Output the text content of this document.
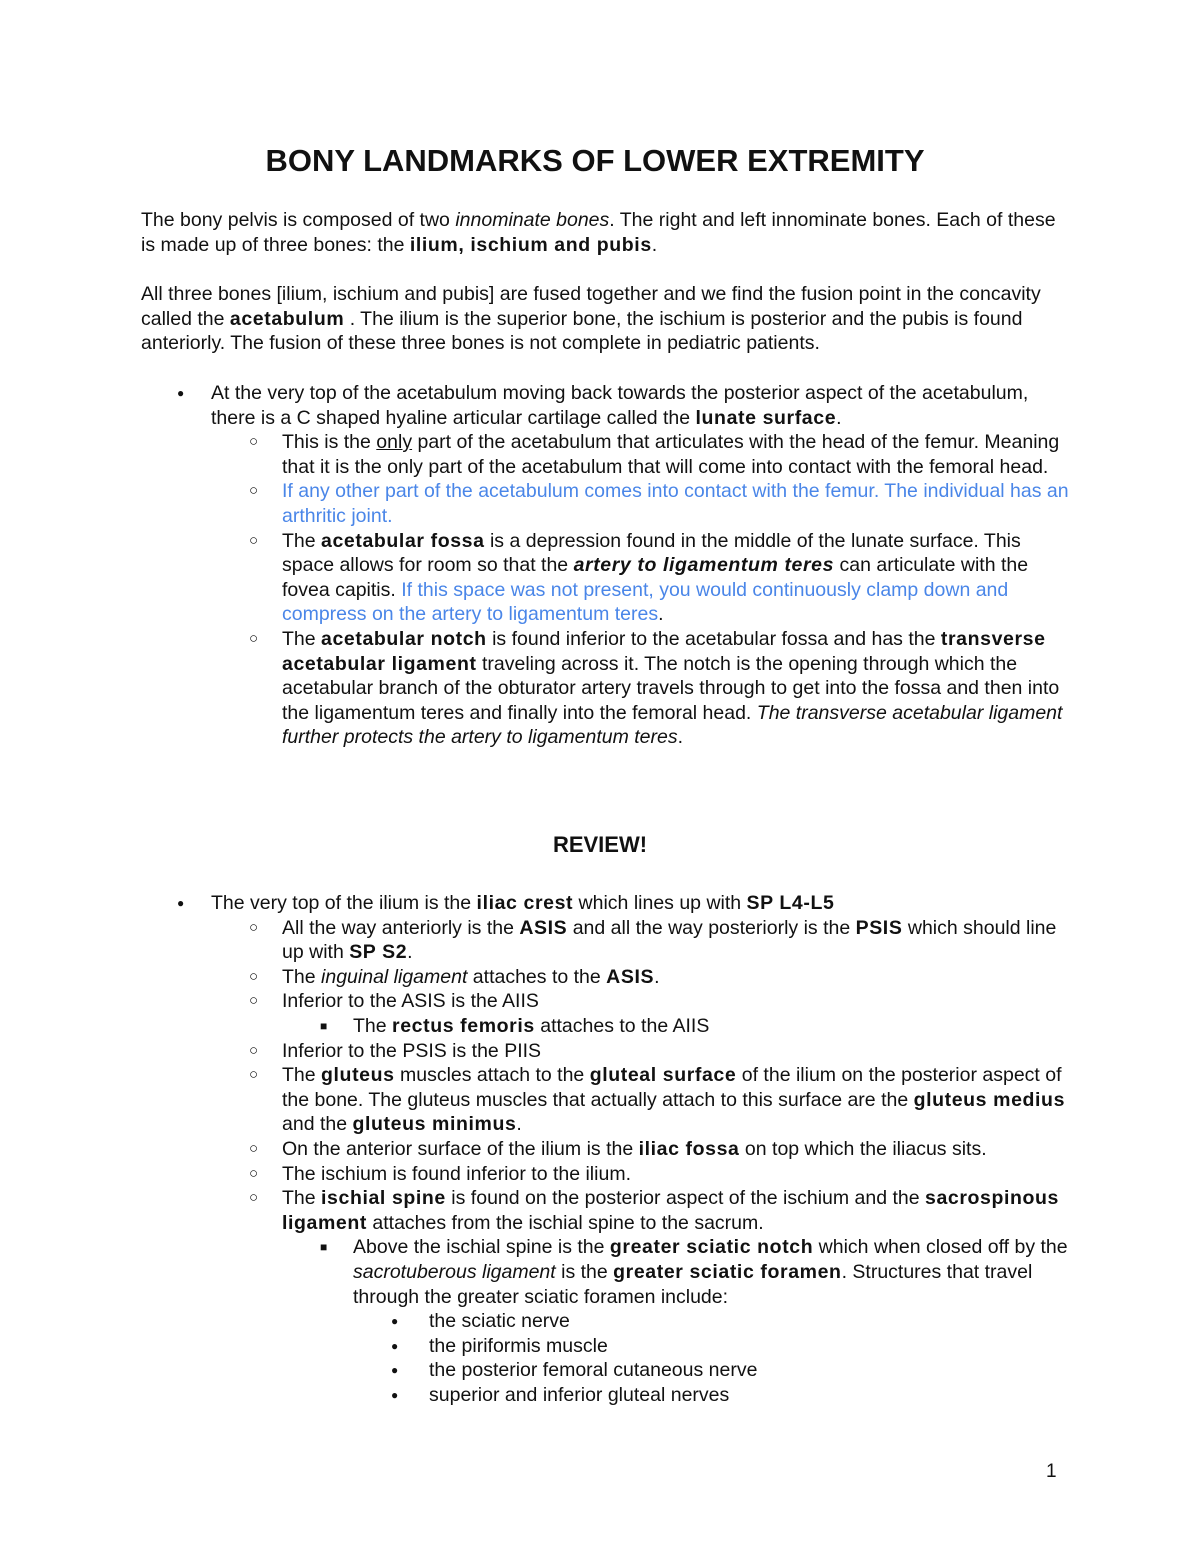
BONY LANDMARKS OF LOWER EXTREMITY

The bony pelvis is composed of two innominate bones. The right and left innominate bones. Each of these is made up of three bones: the ilium, ischium and pubis.

All three bones [ilium, ischium and pubis] are fused together and we find the fusion point in the concavity called the acetabulum . The ilium is the superior bone, the ischium is posterior and the pubis is found anteriorly. The fusion of these three bones is not complete in pediatric patients.

●
At the very top of the acetabulum moving back towards the posterior aspect of the acetabulum, there is a C shaped hyaline articular cartilage called the lunate surface.
○
This is the only part of the acetabulum that articulates with the head of the femur. Meaning that it is the only part of the acetabulum that will come into contact with the femoral head.
○
If any other part of the acetabulum comes into contact with the femur. The individual has an arthritic joint.
○
The acetabular fossa is a depression found in the middle of the lunate surface. This space allows for room so that the artery to ligamentum teres can articulate with the fovea capitis. If this space was not present, you would continuously clamp down and compress on the artery to ligamentum teres.
○
The acetabular notch is found inferior to the acetabular fossa and has the transverse acetabular ligament traveling across it. The notch is the opening through which the acetabular branch of the obturator artery travels through to get into the fossa and then into the ligamentum teres and finally into the femoral head. The transverse acetabular ligament further protects the artery to ligamentum teres.
REVIEW!
●
The very top of the ilium is the iliac crest which lines up with SP L4-L5
○
All the way anteriorly is the ASIS and all the way posteriorly is the PSIS which should line up with SP S2.
○
The inguinal ligament attaches to the ASIS.
○
Inferior to the ASIS is the AIIS
■
The rectus femoris attaches to the AIIS
○
Inferior to the PSIS is the PIIS
○
The gluteus muscles attach to the gluteal surface of the ilium on the posterior aspect of the bone. The gluteus muscles that actually attach to this surface are the gluteus medius and the gluteus minimus.
○
On the anterior surface of the ilium is the iliac fossa on top which the iliacus sits.
○
The ischium is found inferior to the ilium.
○
The ischial spine is found on the posterior aspect of the ischium and the sacrospinous ligament attaches from the ischial spine to the sacrum.
■
Above the ischial spine is the greater sciatic notch which when closed off by the sacrotuberous ligament is the greater sciatic foramen. Structures that travel through the greater sciatic foramen include:
●
the sciatic nerve
●
the piriformis muscle
●
the posterior femoral cutaneous nerve
●
superior and inferior gluteal nerves
1
